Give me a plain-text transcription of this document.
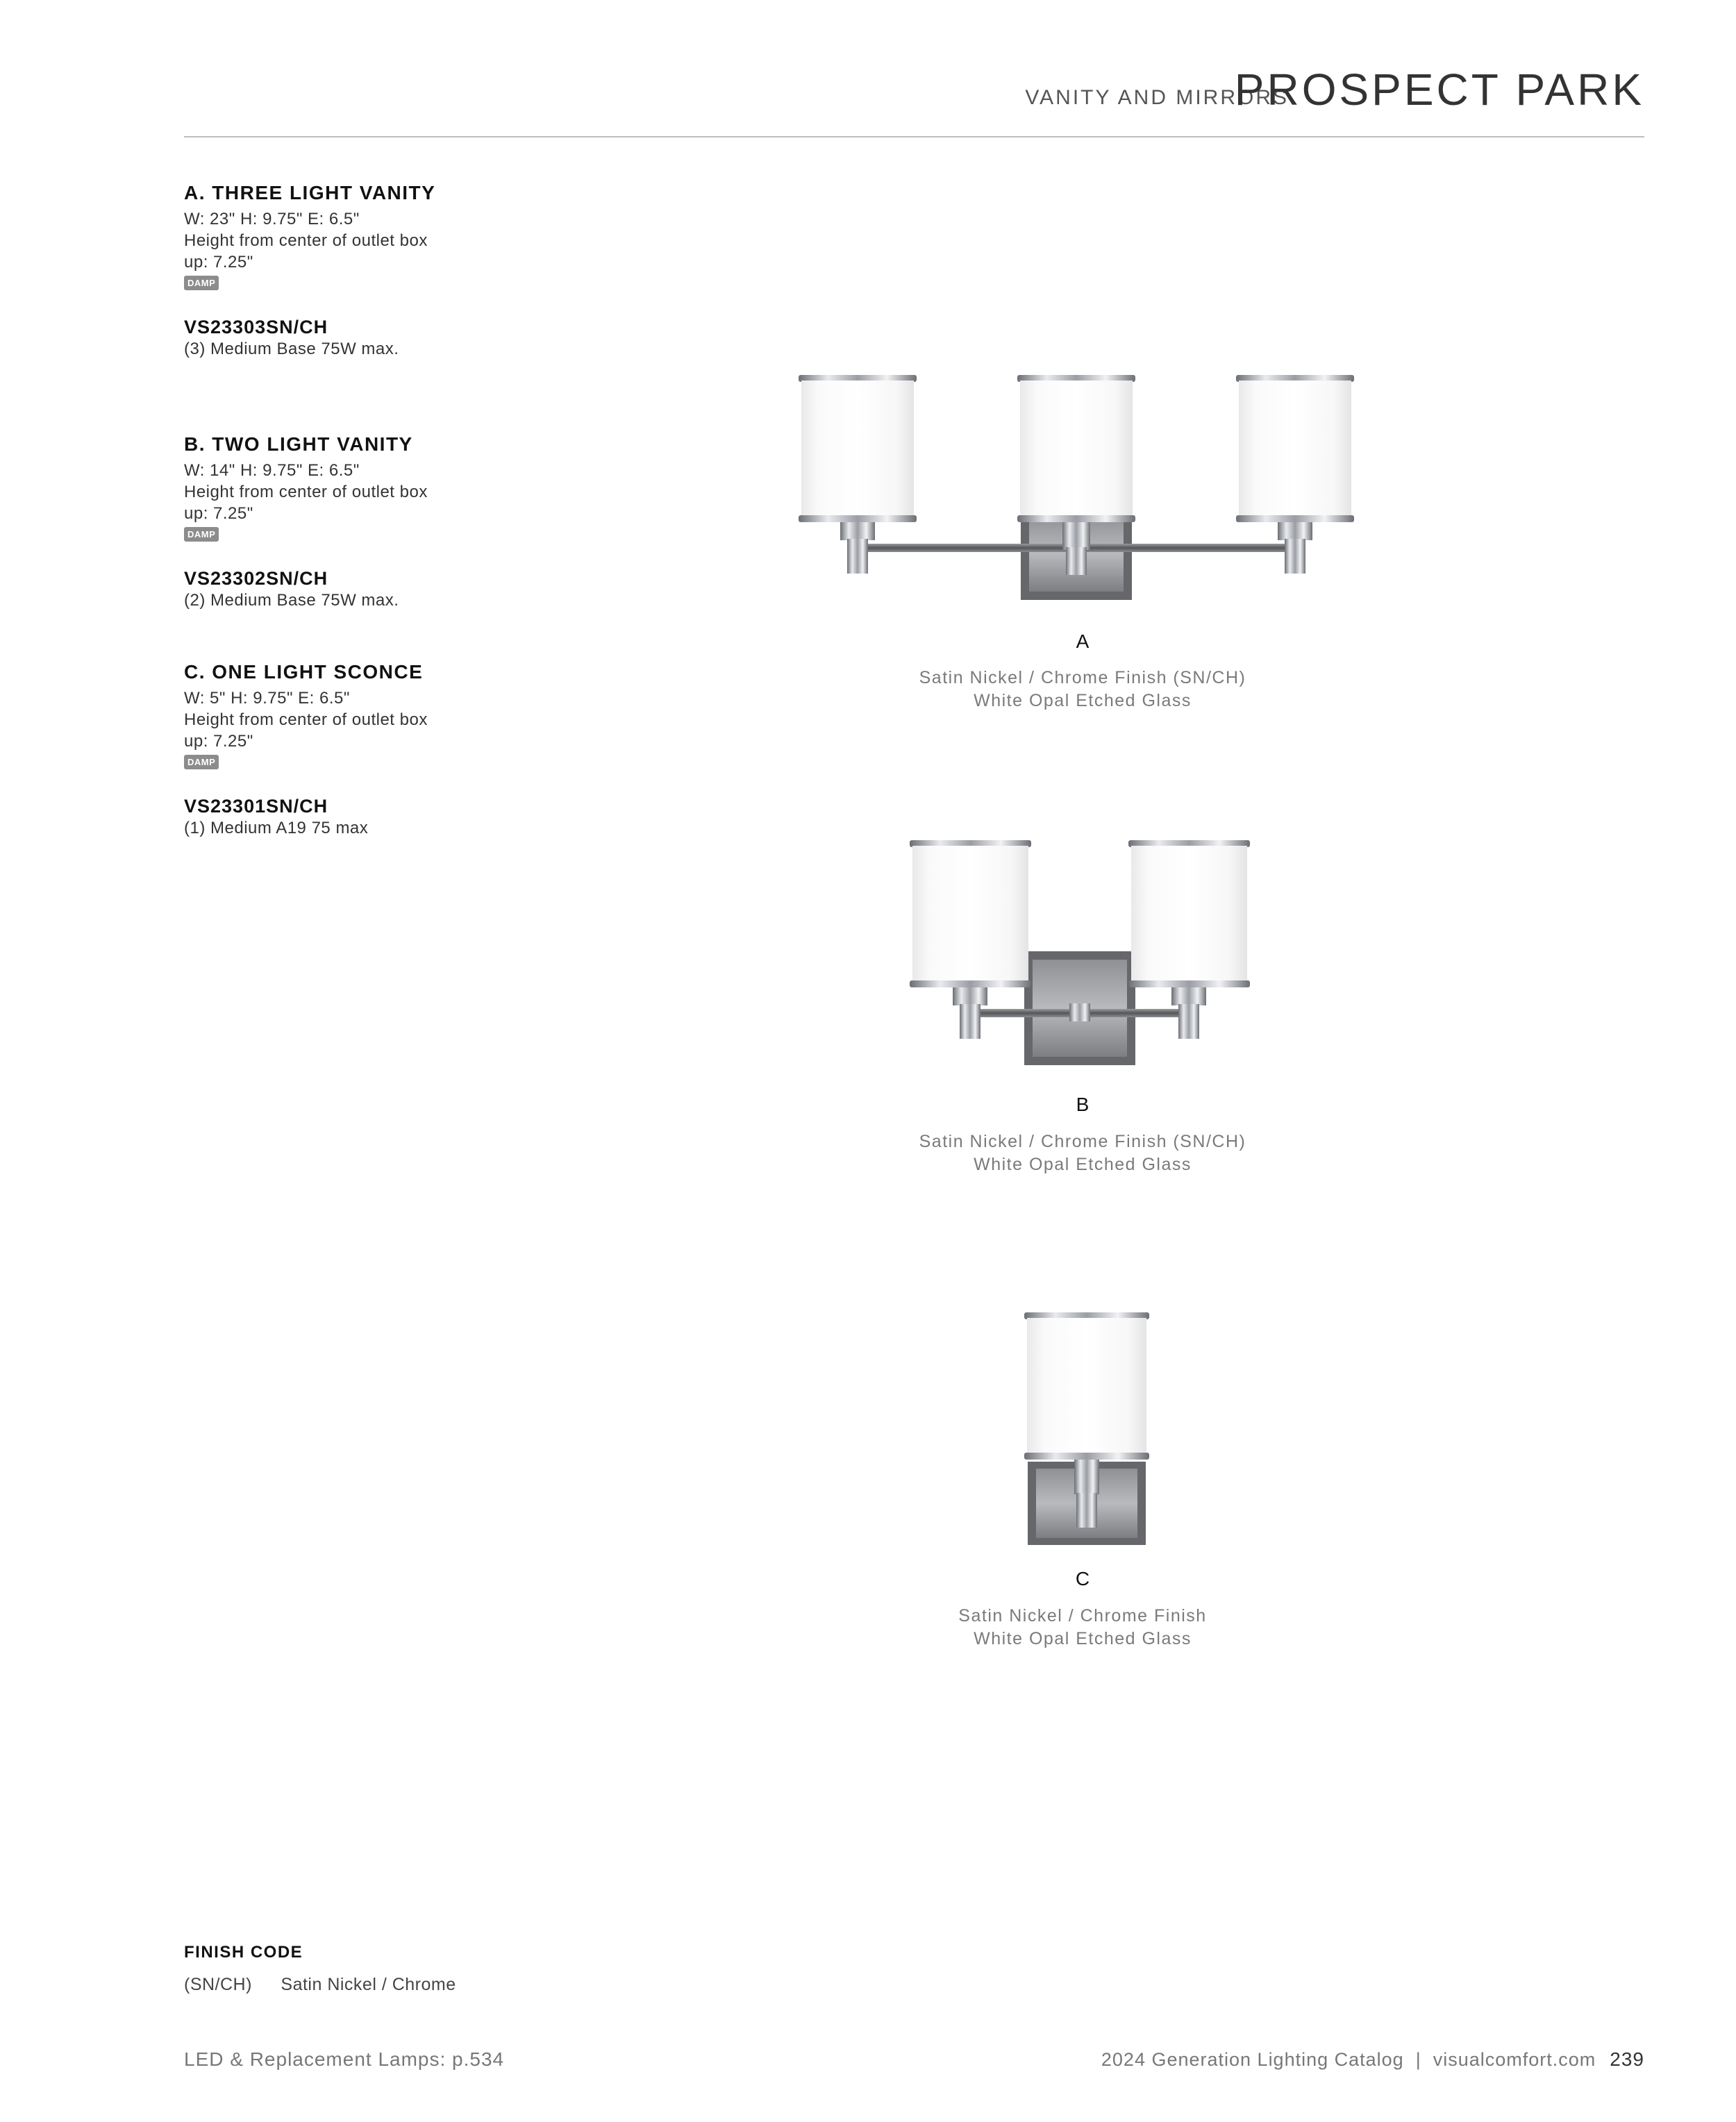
VANITY AND MIRRORS
PROSPECT PARK
A. THREE LIGHT VANITY
W: 23" H: 9.75" E: 6.5"
Height from center of outlet box
up: 7.25"
DAMP
VS23303SN/CH
(3) Medium Base 75W max.
B. TWO LIGHT VANITY
W: 14" H: 9.75" E: 6.5"
Height from center of outlet box
up: 7.25"
DAMP
VS23302SN/CH
(2) Medium Base 75W max.
C. ONE LIGHT SCONCE
W: 5" H: 9.75" E: 6.5"
Height from center of outlet box
up: 7.25"
DAMP
VS23301SN/CH
(1) Medium A19 75 max
A
Satin Nickel / Chrome Finish (SN/CH)
White Opal Etched Glass
B
Satin Nickel / Chrome Finish (SN/CH)
White Opal Etched Glass
C
Satin Nickel / Chrome Finish
White Opal Etched Glass
FINISH CODE
(SN/CH) Satin Nickel / Chrome
LED & Replacement Lamps: p.534	2024 Generation Lighting Catalog  |  visualcomfort.com 239
